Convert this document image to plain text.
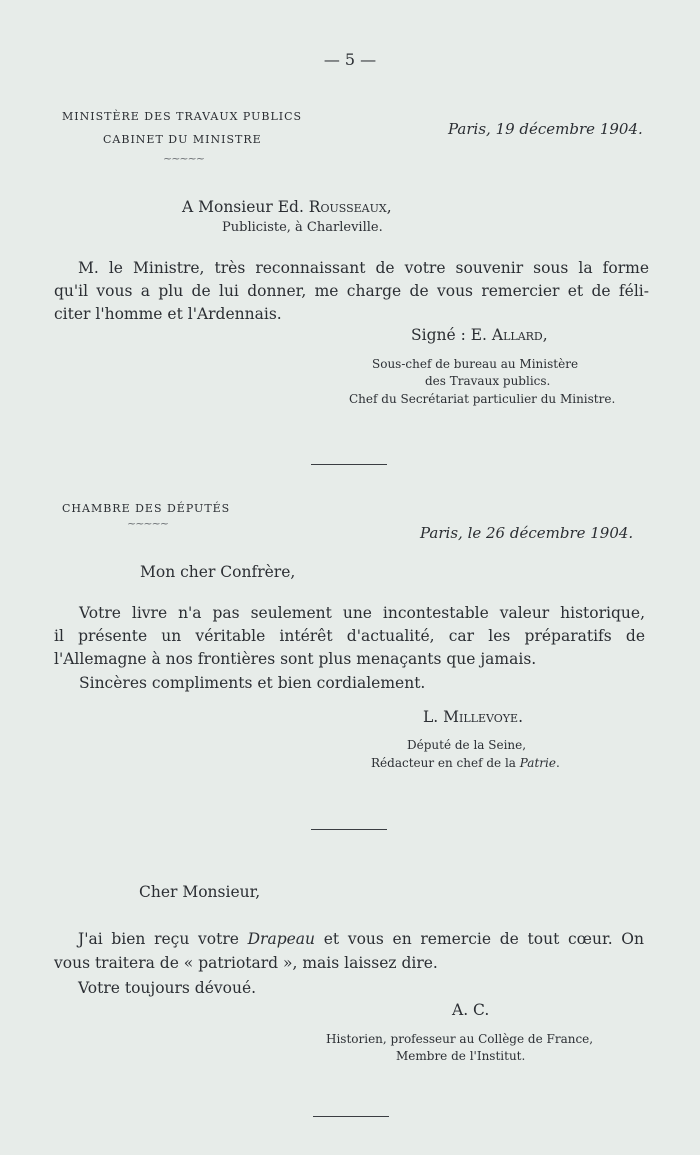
— 5 —
MINISTÈRE DES TRAVAUX PUBLICS
CABINET DU MINISTRE
~~~~~
Paris, 19 décembre 1904.
A Monsieur Ed. Rousseaux,
Publiciste, à Charleville.
M. le Ministre, très reconnaissant de votre souvenir sous la forme
qu'il vous a plu de lui donner, me charge de vous remercier et de féli-
citer l'homme et l'Ardennais.
Signé : E. Allard,
Sous-chef de bureau au Ministère
des Travaux publics.
Chef du Secrétariat particulier du Ministre.
CHAMBRE DES DÉPUTÉS
~~~~~
Paris, le 26 décembre 1904.
Mon cher Confrère,
Votre livre n'a pas seulement une incontestable valeur historique,
il présente un véritable intérêt d'actualité, car les préparatifs de
l'Allemagne à nos frontières sont plus menaçants que jamais.
Sincères compliments et bien cordialement.
L. Millevoye.
Député de la Seine,
Rédacteur en chef de la Patrie.
Cher Monsieur,
J'ai bien reçu votre Drapeau et vous en remercie de tout cœur. On
vous traitera de « patriotard », mais laissez dire.
Votre toujours dévoué.
A. C.
Historien, professeur au Collège de France,
Membre de l'Institut.
